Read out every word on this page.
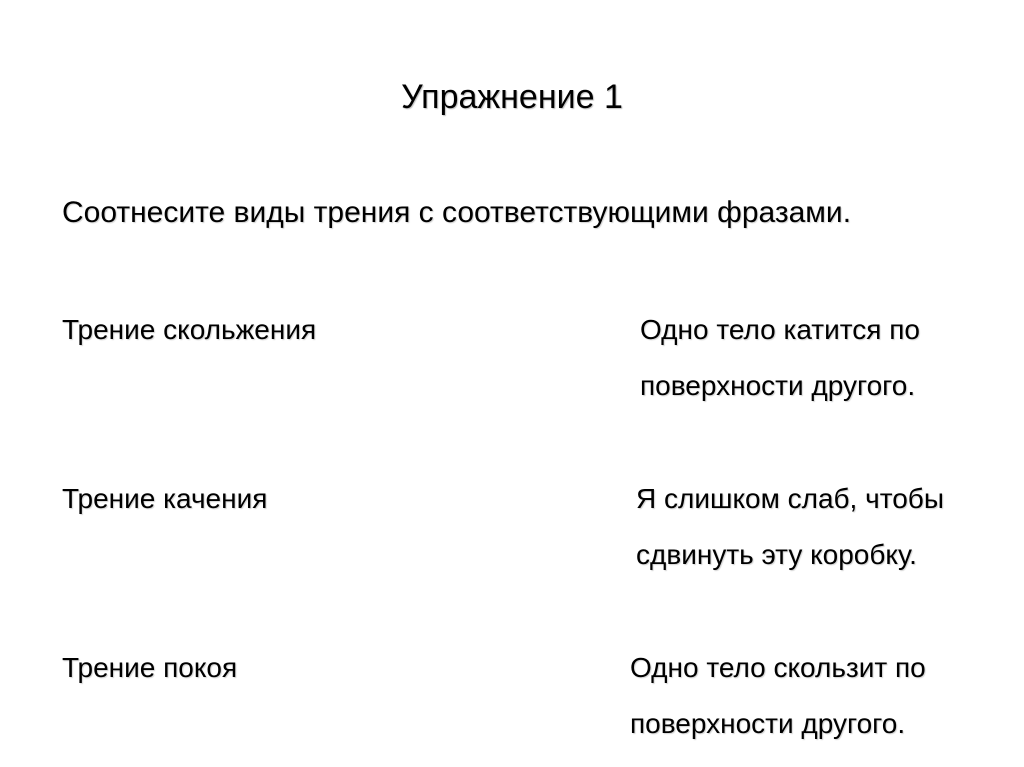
Упражнение 1
Соотнесите виды трения с соответствующими фразами.
Трение скольжения
Трение качения
Трение покоя
Одно тело катится по
поверхности другого.
Я слишком слаб, чтобы
сдвинуть эту коробку.
Одно тело скользит по
поверхности другого.
